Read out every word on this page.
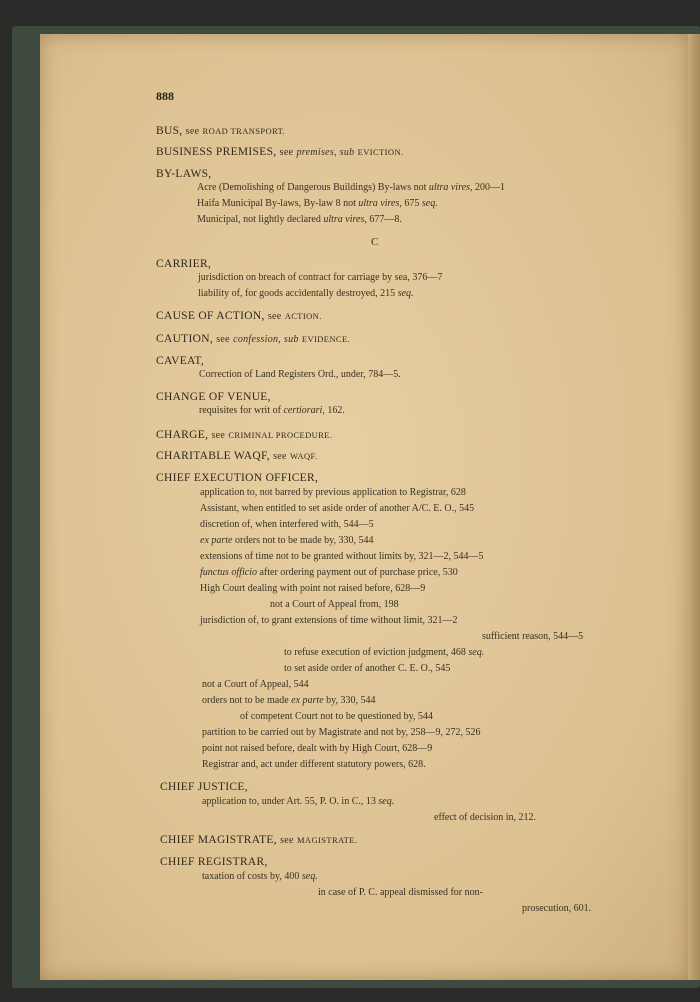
888
BUS, see ROAD TRANSPORT.
BUSINESS PREMISES, see premises, sub EVICTION.
BY-LAWS,
Acre (Demolishing of Dangerous Buildings) By-laws not ultra vires, 200—1
Haifa Municipal By-laws, By-law 8 not ultra vires, 675 seq.
Municipal, not lightly declared ultra vires, 677—8.
C
CARRIER,
jurisdiction on breach of contract for carriage by sea, 376—7
liability of, for goods accidentally destroyed, 215 seq.
CAUSE OF ACTION, see ACTION.
CAUTION, see confession, sub EVIDENCE.
CAVEAT,
Correction of Land Registers Ord., under, 784—5.
CHANGE OF VENUE,
requisites for writ of certiorari, 162.
CHARGE, see CRIMINAL PROCEDURE.
CHARITABLE WAQF, see WAQF.
CHIEF EXECUTION OFFICER,
application to, not barred by previous application to Registrar, 628
Assistant, when entitled to set aside order of another A/C. E. O., 545
discretion of, when interfered with, 544—5
ex parte orders not to be made by, 330, 544
extensions of time not to be granted without limits by, 321—2, 544—5
functus officio after ordering payment out of purchase price, 530
High Court dealing with point not raised before, 628—9
not a Court of Appeal from, 198
jurisdiction of, to grant extensions of time without limit, 321—2
sufficient reason, 544—5
to refuse execution of eviction judgment, 468 seq.
to set aside order of another C. E. O., 545
not a Court of Appeal, 544
orders not to be made ex parte by, 330, 544
of competent Court not to be questioned by, 544
partition to be carried out by Magistrate and not by, 258—9, 272, 526
point not raised before, dealt with by High Court, 628—9
Registrar and, act under different statutory powers, 628.
CHIEF JUSTICE,
application to, under Art. 55, P. O. in C., 13 seq.
effect of decision in, 212.
CHIEF MAGISTRATE, see MAGISTRATE.
CHIEF REGISTRAR,
taxation of costs by, 400 seq.
in case of P. C. appeal dismissed for non-
prosecution, 601.
